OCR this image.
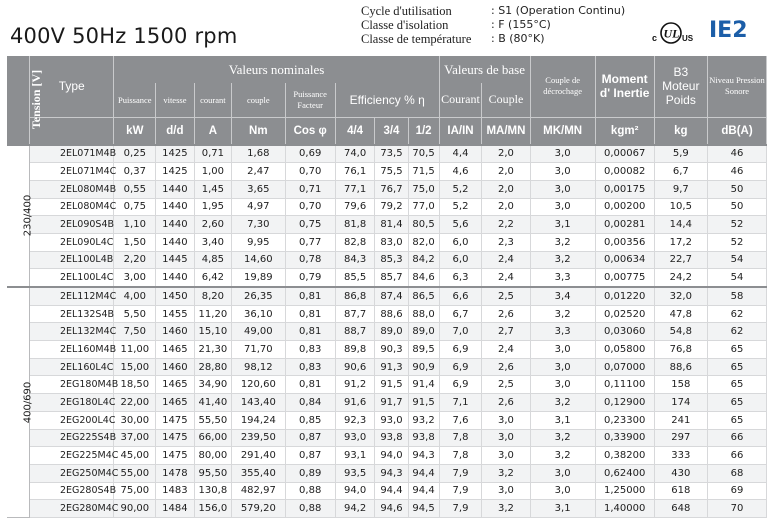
400V 50Hz 1500 rpm
Cycle d'utilisation	: S1 (Operation Continu)
Classe d'isolation	: F (155°C)
Classe de température	: B (80°K)	c UL US IE2
Tension [V]	Type	Valeurs nominales								Valeurs de base		Couple de décrochage	Moment d' Inertie	B3 Moteur Poids	Niveau Pression Sonore
		Puissance	vitesse	courant	couple	Puissance Facteur	Efficiency % η			Courant	Couple				
		kW	d/d	A	Nm	Cos φ	4/4	3/4	1/2	IA/IN	MA/MN	MK/MN	kgm²	kg	dB(A)
230/400	2EL071M4B	0,25	1425	0,71	1,68	0,69	74,0	73,5	70,5	4,4	2,0	3,0	0,00067	5,9	46
	2EL071M4C	0,37	1425	1,00	2,47	0,70	76,1	75,5	71,5	4,6	2,0	3,0	0,00082	6,7	46
	2EL080M4B	0,55	1440	1,45	3,65	0,71	77,1	76,7	75,0	5,2	2,0	3,0	0,00175	9,7	50
	2EL080M4C	0,75	1440	1,95	4,97	0,70	79,6	79,2	77,0	5,2	2,0	3,0	0,00200	10,5	50
	2EL090S4B	1,10	1440	2,60	7,30	0,75	81,8	81,4	80,5	5,6	2,2	3,1	0,00281	14,4	52
	2EL090L4C	1,50	1440	3,40	9,95	0,77	82,8	83,0	82,0	6,0	2,3	3,2	0,00356	17,2	52
	2EL100L4B	2,20	1445	4,85	14,60	0,78	84,3	85,3	84,2	6,0	2,4	3,2	0,00634	22,7	54
	2EL100L4C	3,00	1440	6,42	19,89	0,79	85,5	85,7	84,6	6,3	2,4	3,3	0,00775	24,2	54
400/690	2EL112M4C	4,00	1450	8,20	26,35	0,81	86,8	87,4	86,5	6,6	2,5	3,4	0,01220	32,0	58
	2EL132S4B	5,50	1455	11,20	36,10	0,81	87,7	88,6	88,0	6,7	2,6	3,2	0,02520	47,8	62
	2EL132M4C	7,50	1460	15,10	49,00	0,81	88,7	89,0	89,0	7,0	2,7	3,3	0,03060	54,8	62
	2EL160M4B	11,00	1465	21,30	71,70	0,83	89,8	90,3	89,5	6,9	2,4	3,0	0,05800	76,8	65
	2EL160L4C	15,00	1460	28,80	98,12	0,83	90,6	91,3	90,9	6,9	2,6	3,0	0,07000	88,6	65
	2EG180M4B	18,50	1465	34,90	120,60	0,81	91,2	91,5	91,4	6,9	2,5	3,0	0,11100	158	65
	2EG180L4C	22,00	1465	41,40	143,40	0,84	91,6	91,7	91,5	7,1	2,6	3,2	0,12900	174	65
	2EG200L4C	30,00	1475	55,50	194,24	0,85	92,3	93,0	93,2	7,6	3,0	3,1	0,23300	241	65
	2EG225S4B	37,00	1475	66,00	239,50	0,87	93,0	93,8	93,8	7,8	3,0	3,2	0,33900	297	66
	2EG225M4C	45,00	1475	80,00	291,40	0,87	93,1	94,0	94,3	7,8	3,0	3,2	0,38200	333	66
	2EG250M4C	55,00	1478	95,50	355,40	0,89	93,5	94,3	94,4	7,9	3,2	3,0	0,62400	430	68
	2EG280S4B	75,00	1483	130,8	482,97	0,88	94,0	94,4	94,4	7,9	3,0	3,0	1,25000	618	69
	2EG280M4C	90,00	1484	156,0	579,20	0,88	94,2	94,6	94,5	7,9	3,2	3,1	1,40000	648	70
